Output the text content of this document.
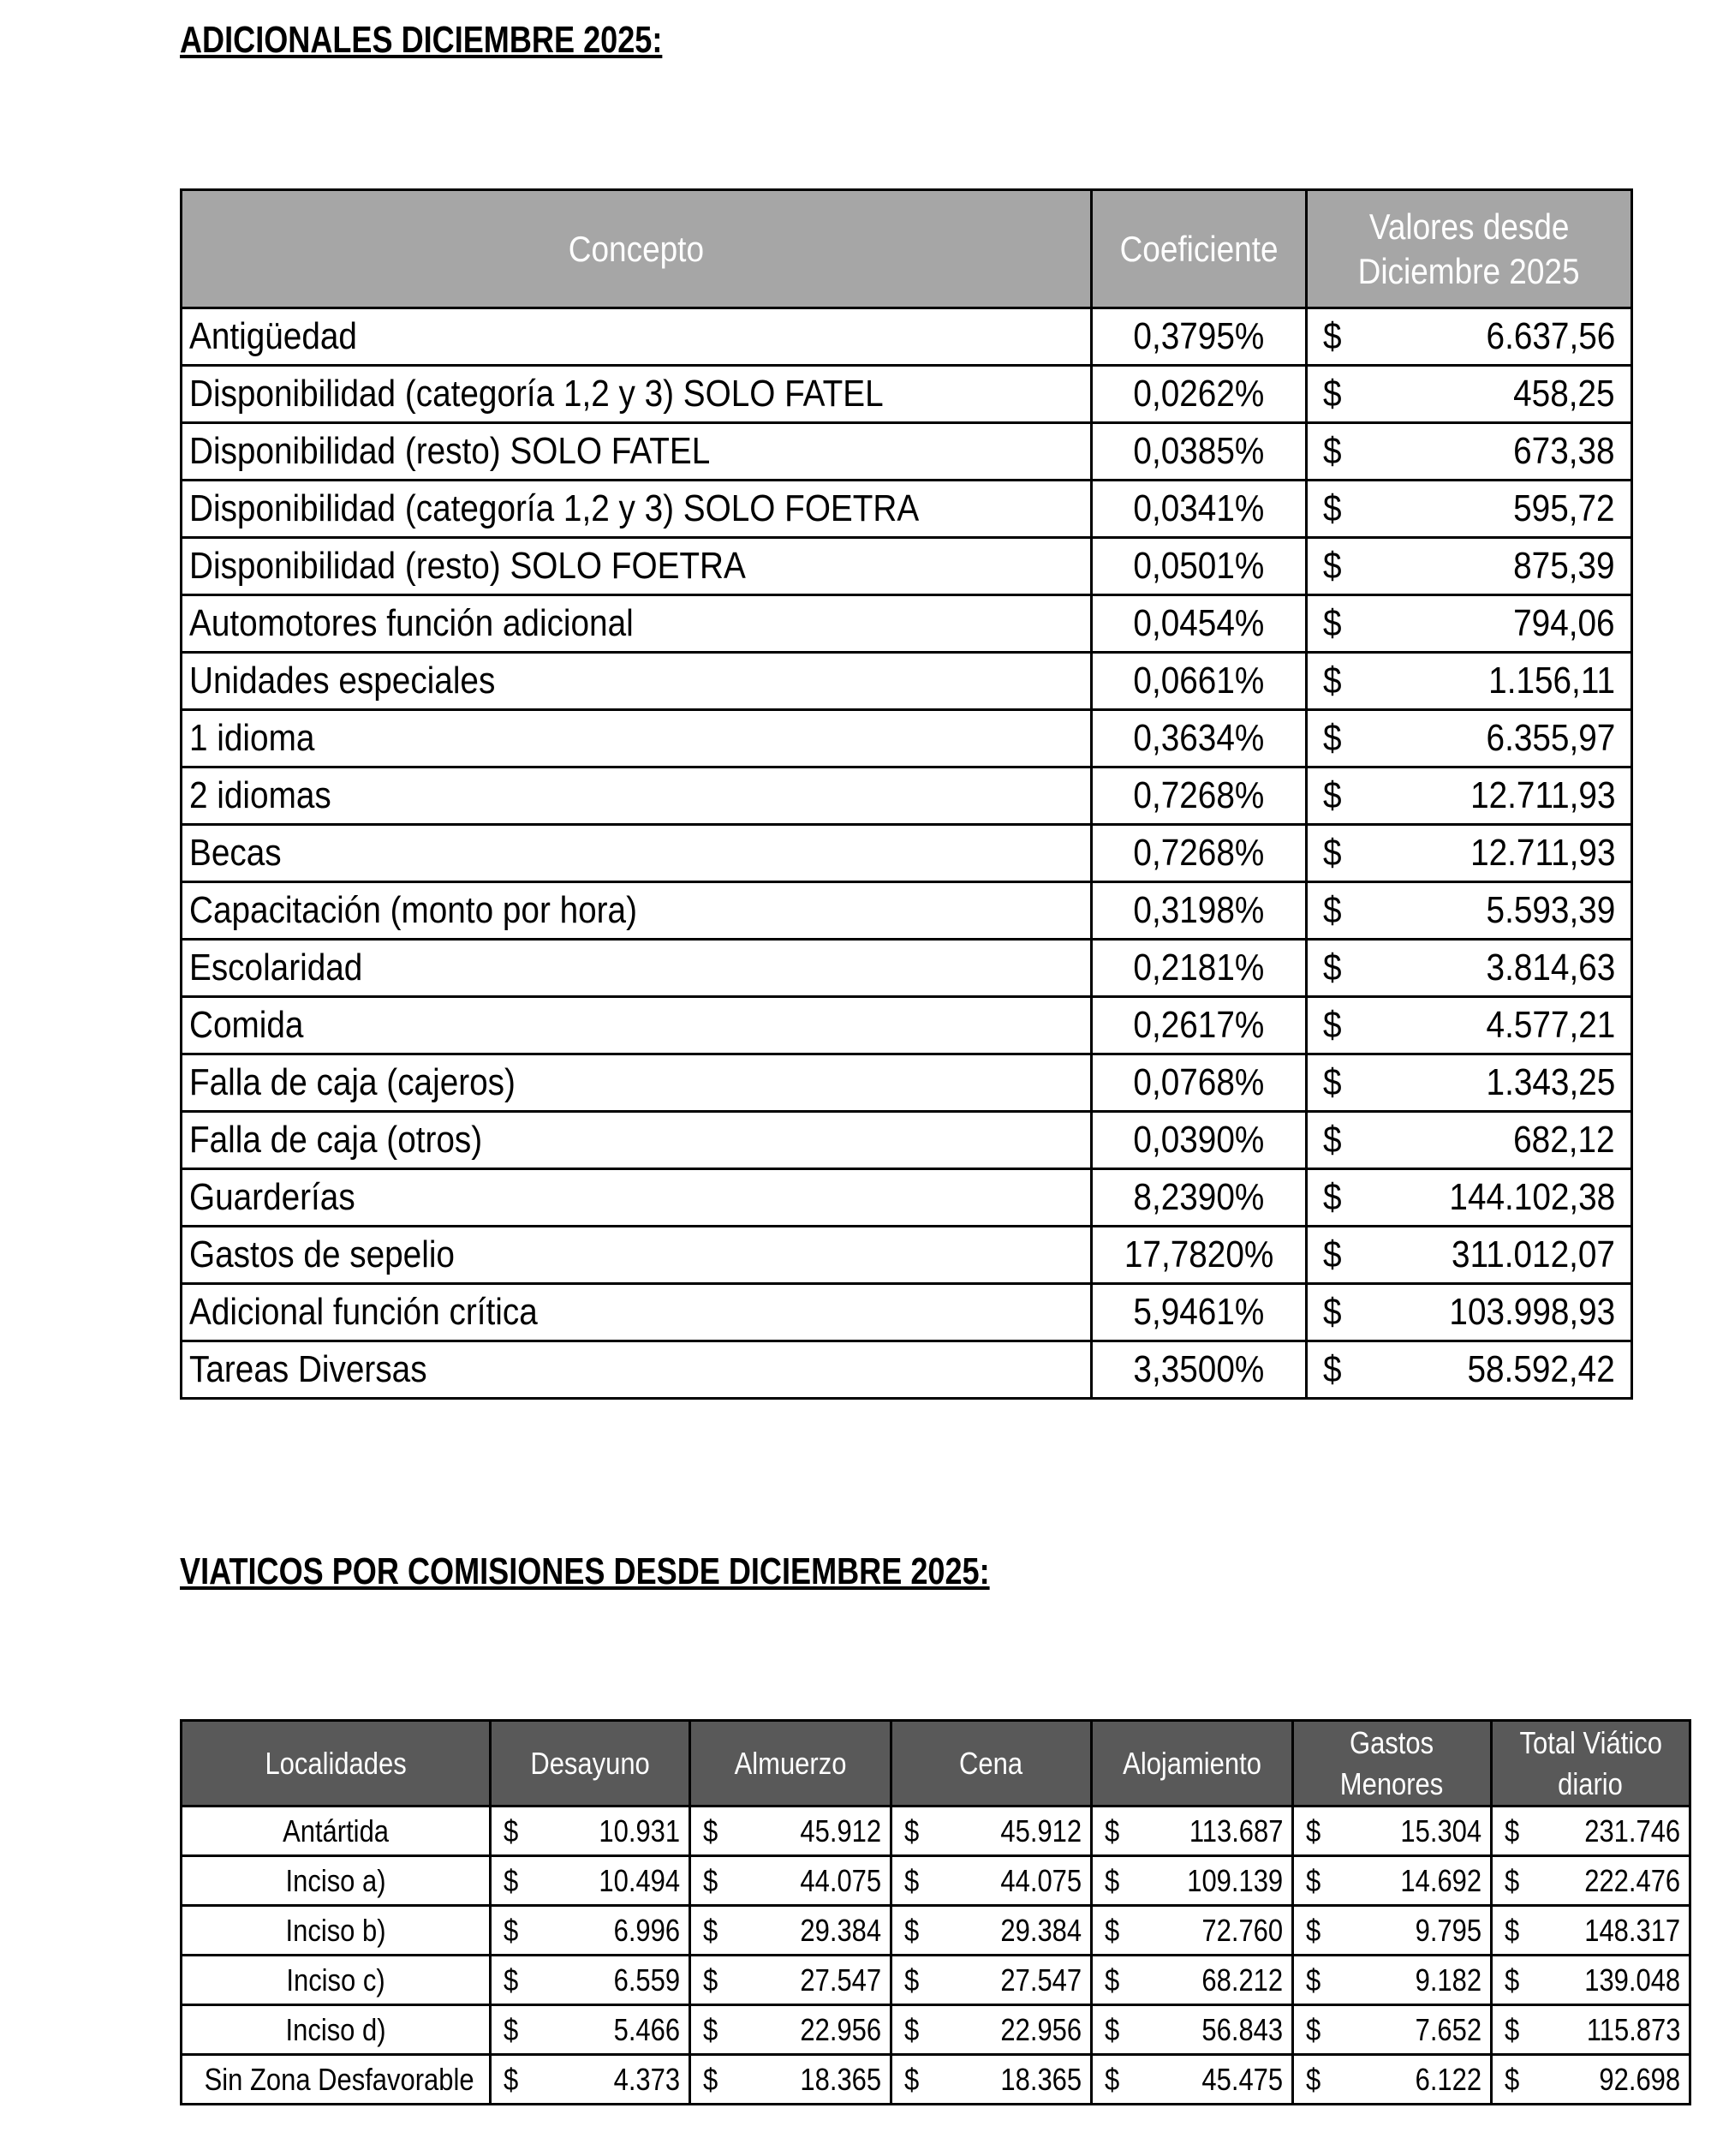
ADICIONALES DICIEMBRE 2025:
Concepto	Coeficiente	Valores desde
Diciembre 2025
Antigüedad	0,3795%	$ 6.637,56

Disponibilidad (categoría 1,2 y 3) SOLO FATEL	0,0262%	$ 458,25

Disponibilidad (resto) SOLO FATEL	0,0385%	$ 673,38

Disponibilidad (categoría 1,2 y 3) SOLO FOETRA	0,0341%	$ 595,72

Disponibilidad (resto) SOLO FOETRA	0,0501%	$ 875,39

Automotores función adicional	0,0454%	$ 794,06

Unidades especiales	0,0661%	$ 1.156,11

1 idioma	0,3634%	$ 6.355,97

2 idiomas	0,7268%	$ 12.711,93

Becas	0,7268%	$ 12.711,93

Capacitación (monto por hora)	0,3198%	$ 5.593,39

Escolaridad	0,2181%	$ 3.814,63

Comida	0,2617%	$ 4.577,21

Falla de caja (cajeros)	0,0768%	$ 1.343,25

Falla de caja (otros)	0,0390%	$ 682,12

Guarderías	8,2390%	$ 144.102,38

Gastos de sepelio	17,7820%	$ 311.012,07

Adicional función crítica	5,9461%	$ 103.998,93

Tareas Diversas	3,3500%	$ 58.592,42
VIATICOS POR COMISIONES DESDE DICIEMBRE 2025:
Localidades	Desayuno	Almuerzo	Cena	Alojamiento	Gastos
Menores	Total Viático
diario
Antártida	$ 10.931	$ 45.912	$ 45.912	$ 113.687	$ 15.304	$ 231.746

Inciso a)	$ 10.494	$ 44.075	$ 44.075	$ 109.139	$ 14.692	$ 222.476

Inciso b)	$ 6.996	$ 29.384	$ 29.384	$ 72.760	$ 9.795	$ 148.317

Inciso c)	$ 6.559	$ 27.547	$ 27.547	$ 68.212	$ 9.182	$ 139.048

Inciso d)	$ 5.466	$ 22.956	$ 22.956	$ 56.843	$ 7.652	$ 115.873

Sin Zona Desfavorable	$ 4.373	$ 18.365	$ 18.365	$ 45.475	$ 6.122	$ 92.698
